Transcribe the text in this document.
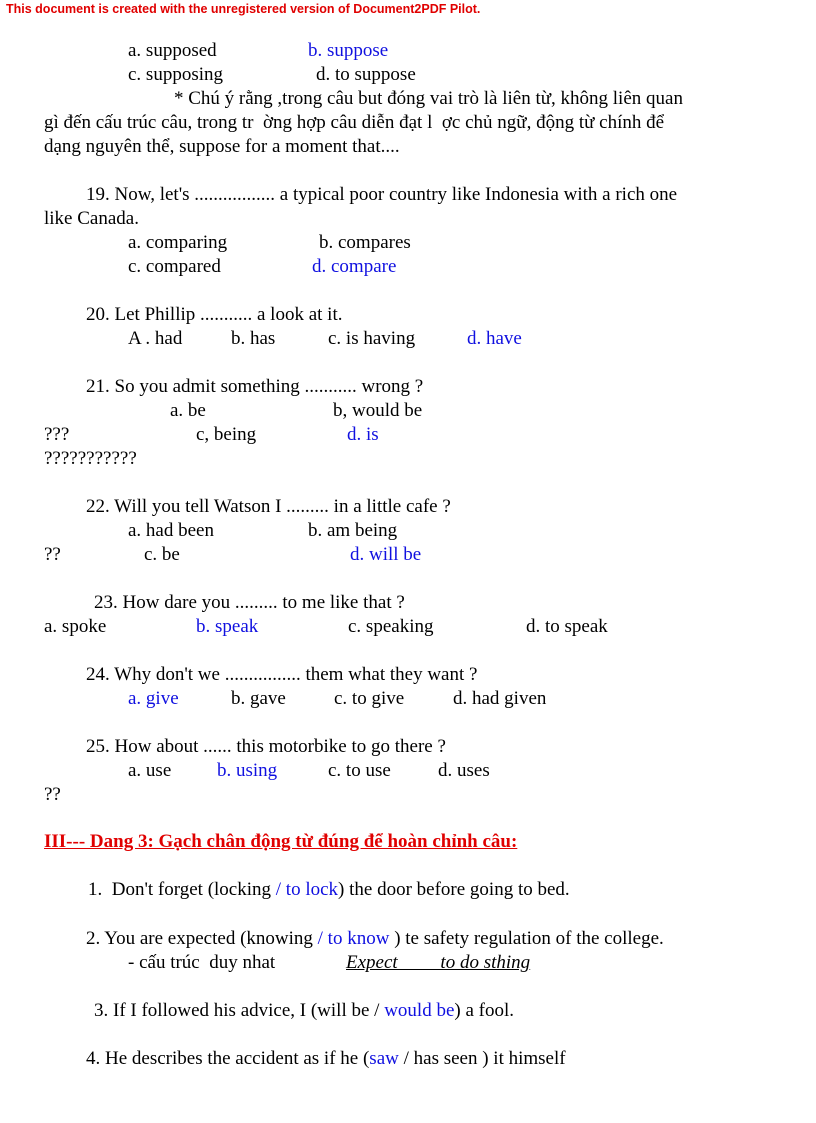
This document is created with the unregistered version of Document2PDF Pilot.
a. supposed	b. suppose
c. supposing	d. to suppose
* Chú ý rằng ,trong câu but đóng vai trò là liên từ, không liên quan
gì đến cấu trúc câu, trong tr  ờng hợp câu diễn đạt l  ợc chủ ngữ, động từ chính để
dạng nguyên thể, suppose for a moment that....
19. Now, let's ................. a typical poor country like Indonesia with a rich one
like Canada.
a. comparing	b. compares
c. compared	d. compare
20. Let Phillip ........... a look at it.
A . had	b. has	c. is having	d. have
21. So you admit something ........... wrong ?
a. be	b, would be
???	c, being	d. is
???????????
22. Will you tell Watson I ......... in a little cafe ?
a. had been	b. am being
??	c. be	d. will be
23. How dare you ......... to me like that ?
a. spoke	b. speak	c. speaking	d. to speak
24. Why don't we ................ them what they want ?
a. give	b. gave	c. to give	d. had given
25. How about ...... this motorbike to go there ?
a. use b. using	c. to use d. uses
??
III--- Dang 3: Gạch chân động từ đúng để hoàn chỉnh câu:
1.  Don't forget (locking / to lock) the door before going to bed.
2. You are expected (knowing / to know ) te safety regulation of the college.
- cấu trúc  duy nhat	Expect         to do sthing
3. If I followed his advice, I (will be / would be) a fool.
4. He describes the accident as if he (saw / has seen ) it himself
